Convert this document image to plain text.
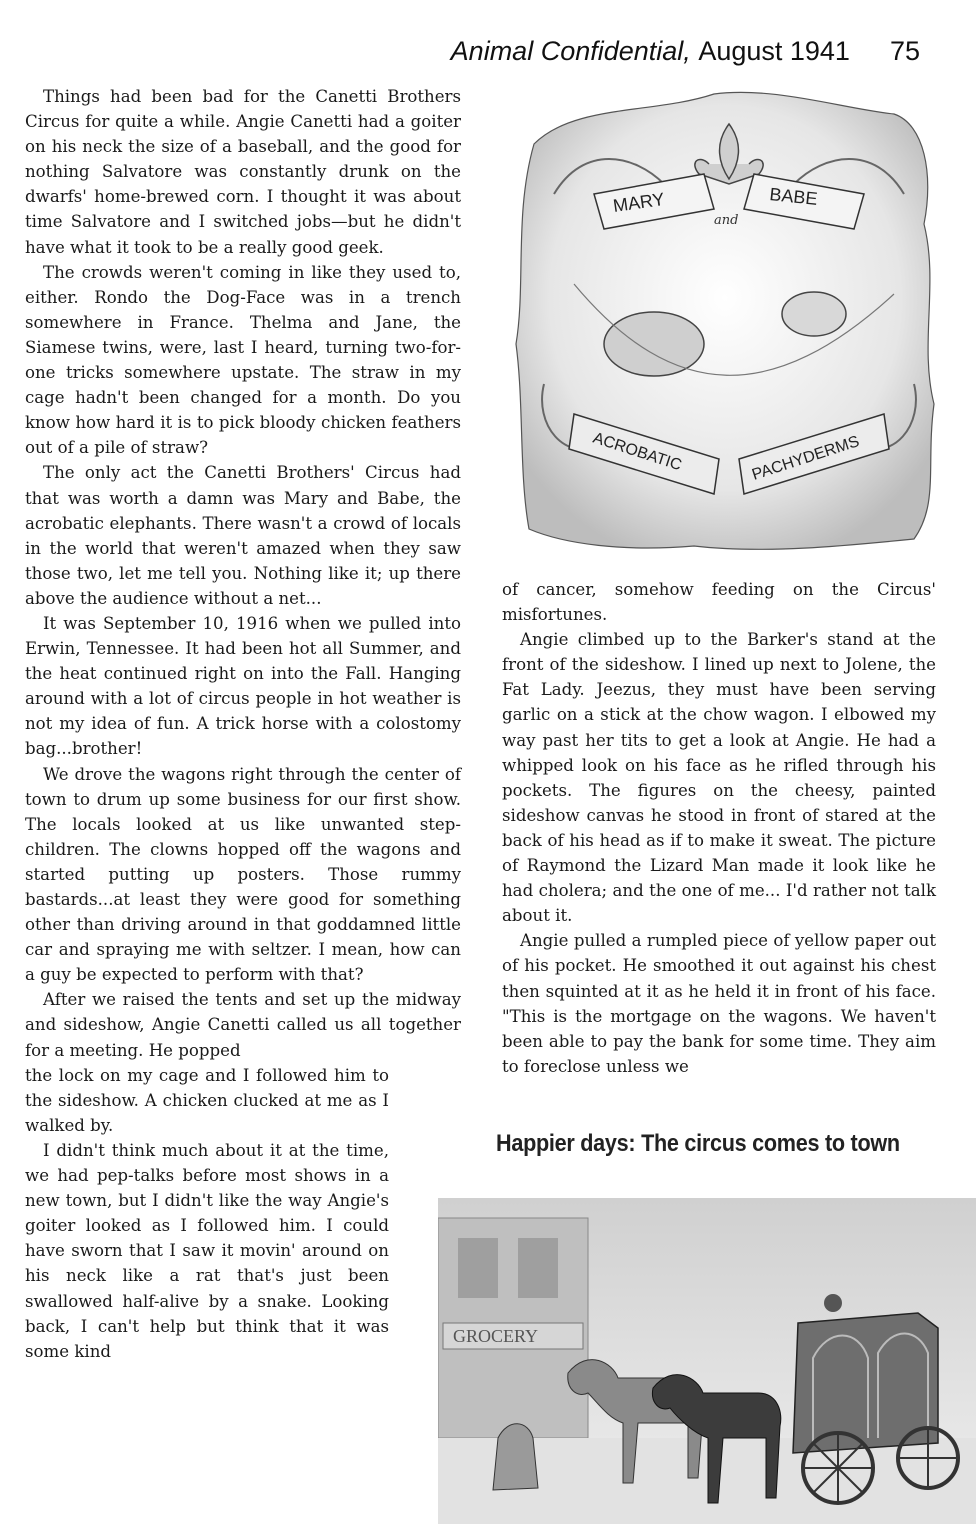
Animal Confidential,
August 1941 75

Things had been bad for the Canetti Brothers Circus for quite a while. Angie Canetti had a goiter on his neck the size of a baseball, and the good for nothing Salvatore was constantly drunk on the dwarfs' home-brewed corn. I thought it was about time Salvatore and I switched jobs—but he didn't have what it took to be a really good geek.

The crowds weren't coming in like they used to, either. Rondo the Dog-Face was in a trench somewhere in France. Thelma and Jane, the Siamese twins, were, last I heard, turning two-for-one tricks somewhere upstate. The straw in my cage hadn't been changed for a month. Do you know how hard it is to pick bloody chicken feathers out of a pile of straw?

The only act the Canetti Brothers' Circus had that was worth a damn was Mary and Babe, the acrobatic elephants. There wasn't a crowd of locals in the world that weren't amazed when they saw those two, let me tell you. Nothing like it; up there above the audience without a net...

It was September 10, 1916 when we pulled into Erwin, Tennessee. It had been hot all Summer, and the heat continued right on into the Fall. Hanging around with a lot of circus people in hot weather is not my idea of fun. A trick horse with a colostomy bag...brother!

We drove the wagons right through the center of town to drum up some business for our first show. The locals looked at us like unwanted step-children. The clowns hopped off the wagons and started putting up posters. Those rummy bastards...at least they were good for something other than driving around in that goddamned little car and spraying me with seltzer. I mean, how can a guy be expected to perform with that?

After we raised the tents and set up the midway and sideshow, Angie Canetti called us all together for a meeting. He popped

the lock on my cage and I followed him to the sideshow. A chicken clucked at me as I walked by.

I didn't think much about it at the time, we had pep-talks before most shows in a new town, but I didn't like the way Angie's goiter looked as I followed him. I could have sworn that I saw it movin' around on his neck like a rat that's just been swallowed half-alive by a snake. Looking back, I can't help but think that it was some kind

MARY
and
BABE
ACROBATIC	PACHYDERMS

of cancer, somehow feeding on the Circus' misfortunes.

Angie climbed up to the Barker's stand at the front of the sideshow. I lined up next to Jolene, the Fat Lady. Jeezus, they must have been serving garlic on a stick at the chow wagon. I elbowed my way past her tits to get a look at Angie. He had a whipped look on his face as he rifled through his pockets. The figures on the cheesy, painted sideshow canvas he stood in front of stared at the back of his head as if to make it sweat. The picture of Raymond the Lizard Man made it look like he had cholera; and the one of me... I'd rather not talk about it.

Angie pulled a rumpled piece of yellow paper out of his pocket. He smoothed it out against his chest then squinted at it as he held it in front of his face. "This is the mortgage on the wagons. We haven't been able to pay the bank for some time. They aim to foreclose unless we

Happier days: The circus comes to town
GROCERY
